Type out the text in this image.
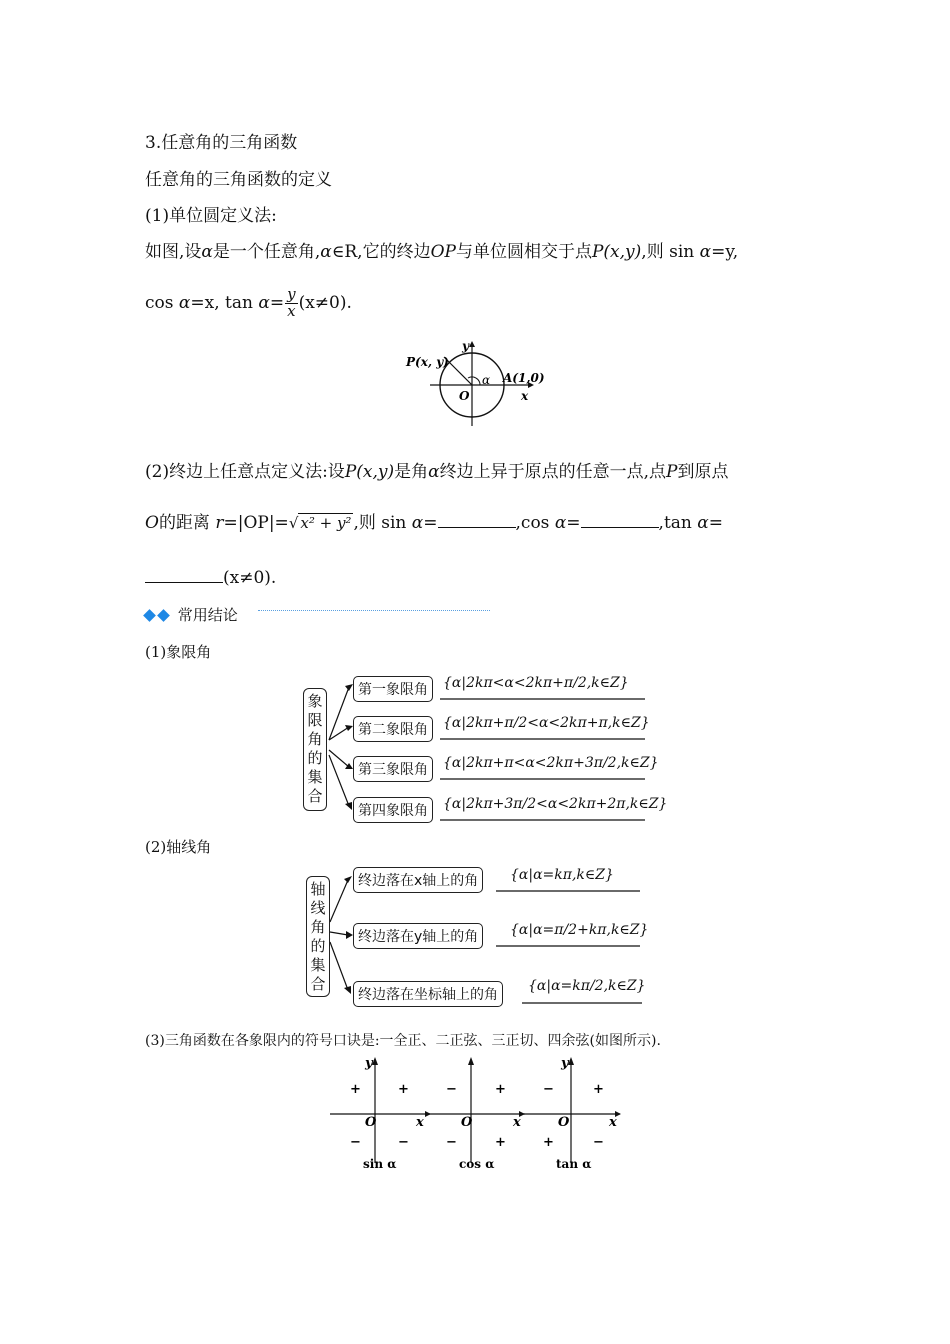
3.任意角的三角函数
任意角的三角函数的定义
(1)单位圆定义法:
如图,设α是一个任意角,α∈R,它的终边OP与单位圆相交于点P(x,y),则 sin α=y,
cos α=x, $\tan \alpha= \frac{y}{x} (x\ne 0)$.
P(x, y)
A(1,0)
α
O	x
y
(2)终边上任意点定义法:设P(x,y)是角α终边上异于原点的任意一点,点P到原点
O的距离 r=|OP|=√ x² + y² ,则 sin α=	,cos α=	,tan α=
(x≠0).
常用结论
(1)象限角
象限角的集合
第一象限角
第二象限角
第三象限角
第四象限角
{α|2kπ<α<2kπ+π/2,k∈Z}
{α|2kπ+π/2<α<2kπ+π,k∈Z}
{α|2kπ+π<α<2kπ+3π/2,k∈Z}
{α|2kπ+3π/2<α<2kπ+2π,k∈Z}
(2)轴线角
轴线角的集合
终边落在x轴上的角
终边落在y轴上的角
终边落在坐标轴上的角
{α|α=kπ,k∈Z}
{α|α=π/2+kπ,k∈Z}
{α|α=kπ/2,k∈Z}
(3)三角函数在各象限内的符号口诀是:一全正、二正弦、三正切、四余弦(如图所示).
y
x
O
+	+
−	−
sin α
x
O
−	+
−	+
cos α
y
x
O
−	+
+	−
tan α
